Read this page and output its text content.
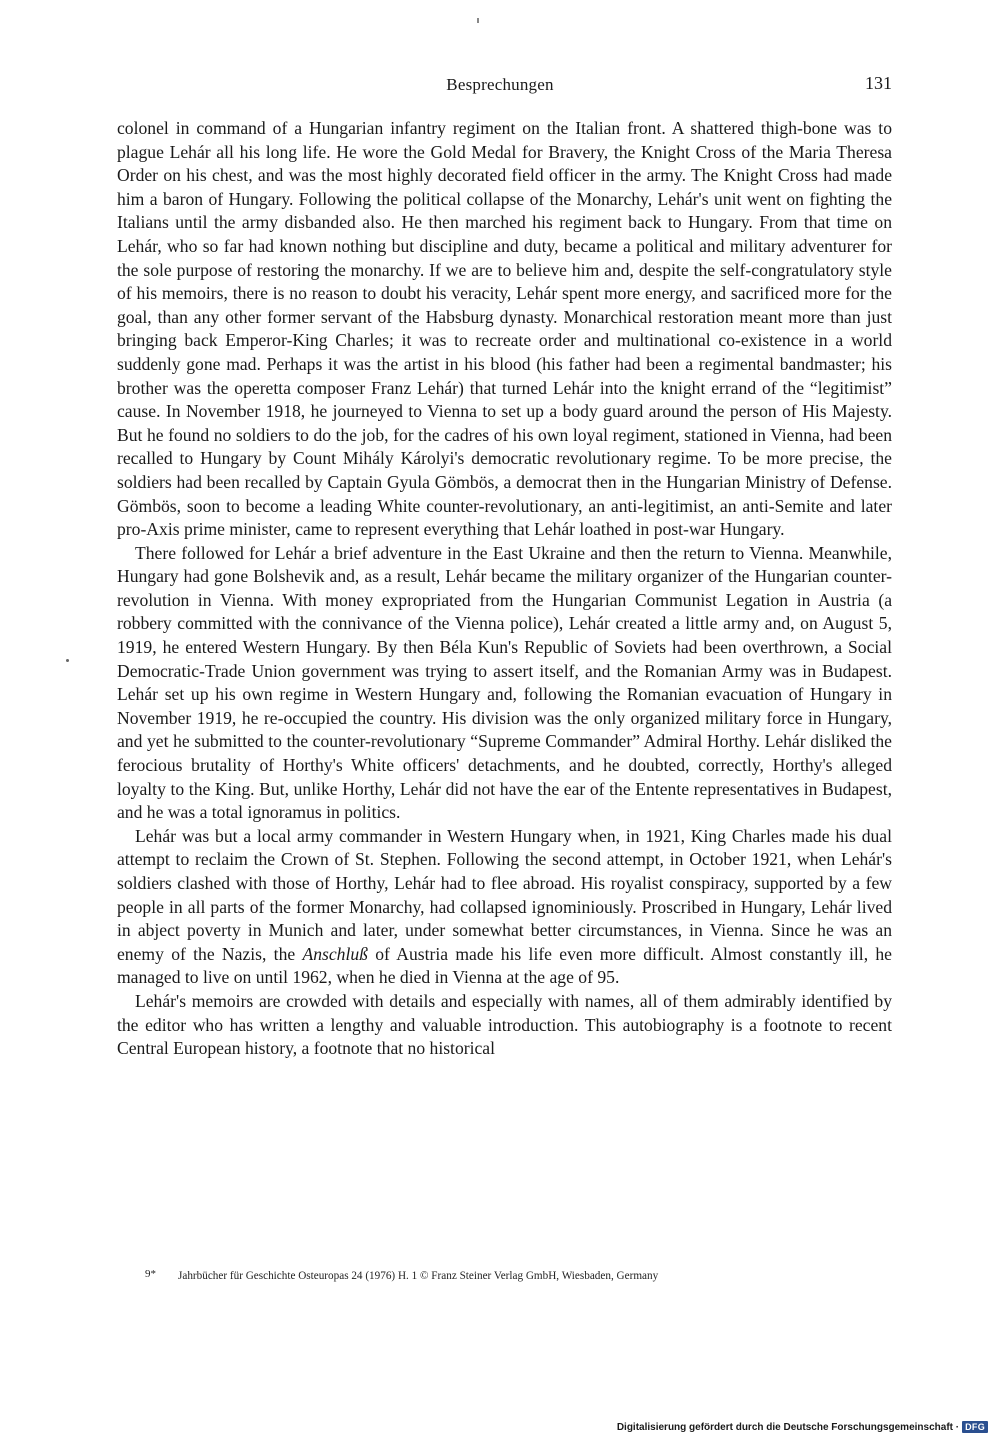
Besprechungen	131

colonel in command of a Hungarian infantry regiment on the Italian front. A shattered thigh-bone was to plague Lehár all his long life. He wore the Gold Medal for Bravery, the Knight Cross of the Maria Theresa Order on his chest, and was the most highly decorated field officer in the army. The Knight Cross had made him a baron of Hungary. Following the political collapse of the Monarchy, Lehár's unit went on fighting the Italians until the army disbanded also. He then marched his regiment back to Hungary. From that time on Lehár, who so far had known nothing but discipline and duty, became a political and military adventurer for the sole purpose of restoring the monarchy. If we are to believe him and, despite the self-congratulatory style of his memoirs, there is no reason to doubt his veracity, Lehár spent more energy, and sacrificed more for the goal, than any other former servant of the Habsburg dynasty. Monarchical restoration meant more than just bringing back Emperor-King Charles; it was to recreate order and multinational co-existence in a world suddenly gone mad. Perhaps it was the artist in his blood (his father had been a regimental bandmaster; his brother was the operetta composer Franz Lehár) that turned Lehár into the knight errand of the “legitimist” cause. In November 1918, he journeyed to Vienna to set up a body guard around the person of His Majesty. But he found no soldiers to do the job, for the cadres of his own loyal regiment, stationed in Vienna, had been recalled to Hungary by Count Mihály Károlyi's democratic revolutionary regime. To be more precise, the soldiers had been recalled by Captain Gyula Gömbös, a democrat then in the Hungarian Ministry of Defense. Gömbös, soon to become a leading White counter-revolutionary, an anti-legitimist, an anti-Semite and later pro-Axis prime minister, came to represent everything that Lehár loathed in post-war Hungary.

There followed for Lehár a brief adventure in the East Ukraine and then the return to Vienna. Meanwhile, Hungary had gone Bolshevik and, as a result, Lehár became the military organizer of the Hungarian counter-revolution in Vienna. With money expropriated from the Hungarian Communist Legation in Austria (a robbery committed with the connivance of the Vienna police), Lehár created a little army and, on August 5, 1919, he entered Western Hungary. By then Béla Kun's Republic of Soviets had been overthrown, a Social Democratic-Trade Union government was trying to assert itself, and the Romanian Army was in Budapest. Lehár set up his own regime in Western Hungary and, following the Romanian evacuation of Hungary in November 1919, he re-occupied the country. His division was the only organized military force in Hungary, and yet he submitted to the counter-revolutionary “Supreme Commander” Admiral Horthy. Lehár disliked the ferocious brutality of Horthy's White officers' detachments, and he doubted, correctly, Horthy's alleged loyalty to the King. But, unlike Horthy, Lehár did not have the ear of the Entente representatives in Budapest, and he was a total ignoramus in politics.

Lehár was but a local army commander in Western Hungary when, in 1921, King Charles made his dual attempt to reclaim the Crown of St. Stephen. Following the second attempt, in October 1921, when Lehár's soldiers clashed with those of Horthy, Lehár had to flee abroad. His royalist conspiracy, supported by a few people in all parts of the former Monarchy, had collapsed ignominiously. Proscribed in Hungary, Lehár lived in abject poverty in Munich and later, under somewhat better circumstances, in Vienna. Since he was an enemy of the Nazis, the Anschluß of Austria made his life even more difficult. Almost constantly ill, he managed to live on until 1962, when he died in Vienna at the age of 95.

Lehár's memoirs are crowded with details and especially with names, all of them admirably identified by the editor who has written a lengthy and valuable introduction. This autobiography is a footnote to recent Central European history, a footnote that no historical

9* Jahrbücher für Geschichte Osteuropas 24 (1976) H. 1 © Franz Steiner Verlag GmbH, Wiesbaden, Germany
Digitalisierung gefördert durch die Deutsche Forschungsgemeinschaft · DFG
